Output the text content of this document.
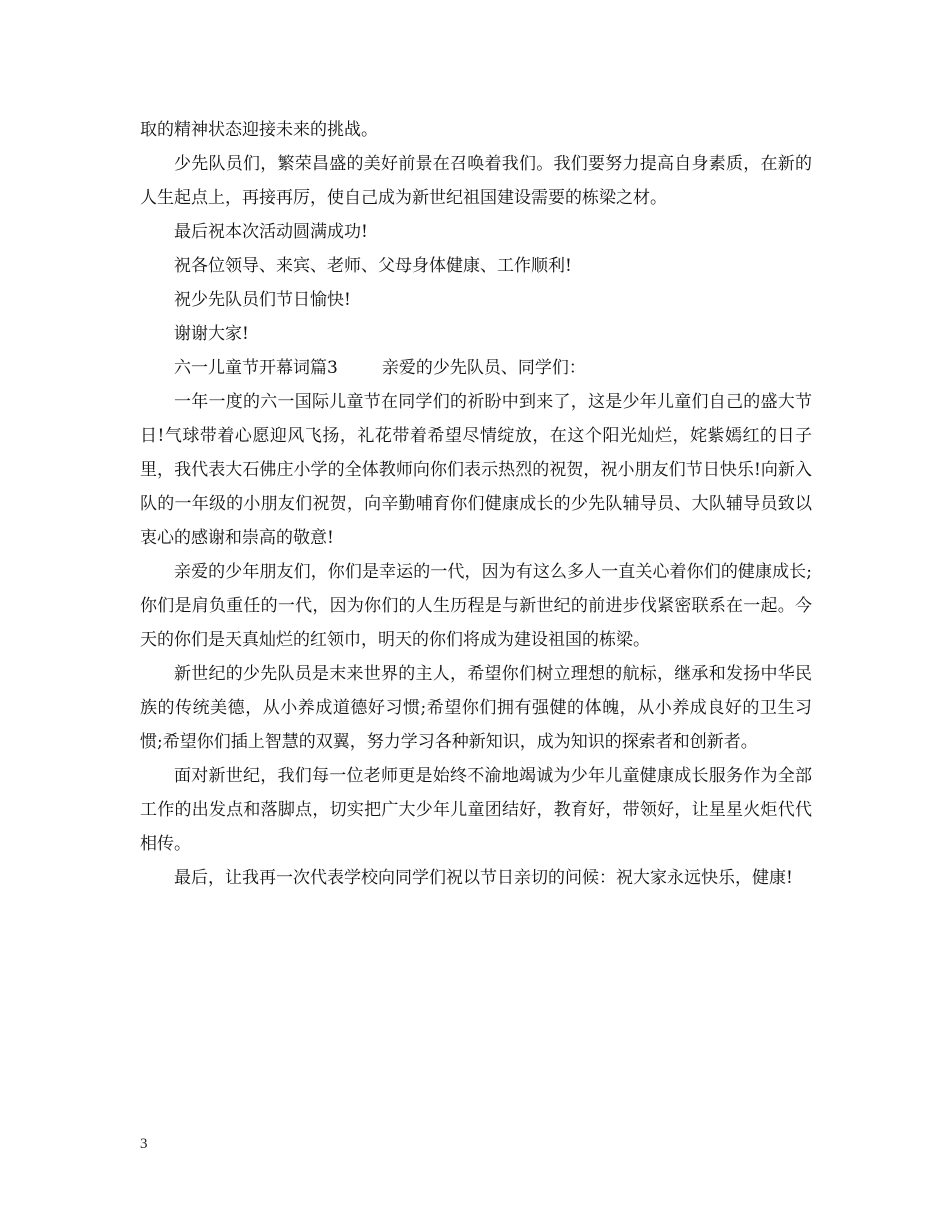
取的精神状态迎接未来的挑战。

少先队员们，繁荣昌盛的美好前景在召唤着我们。我们要努力提高自身素质，在新的人生起点上，再接再厉，使自己成为新世纪祖国建设需要的栋梁之材。

最后祝本次活动圆满成功!

祝各位领导、来宾、老师、父母身体健康、工作顺利!

祝少先队员们节日愉快!

谢谢大家!

六一儿童节开幕词篇3	亲爱的少先队员、同学们：

一年一度的六一国际儿童节在同学们的祈盼中到来了，这是少年儿童们自己的盛大节日!气球带着心愿迎风飞扬，礼花带着希望尽情绽放，在这个阳光灿烂，姹紫嫣红的日子里，我代表大石佛庄小学的全体教师向你们表示热烈的祝贺，祝小朋友们节日快乐!向新入队的一年级的小朋友们祝贺，向辛勤哺育你们健康成长的少先队辅导员、大队辅导员致以衷心的感谢和崇高的敬意!

亲爱的少年朋友们，你们是幸运的一代，因为有这么多人一直关心着你们的健康成长;你们是肩负重任的一代，因为你们的人生历程是与新世纪的前进步伐紧密联系在一起。今天的你们是天真灿烂的红领巾，明天的你们将成为建设祖国的栋梁。

新世纪的少先队员是末来世界的主人，希望你们树立理想的航标，继承和发扬中华民族的传统美德，从小养成道德好习惯;希望你们拥有强健的体魄，从小养成良好的卫生习惯;希望你们插上智慧的双翼，努力学习各种新知识，成为知识的探索者和创新者。

面对新世纪，我们每一位老师更是始终不渝地竭诚为少年儿童健康成长服务作为全部工作的出发点和落脚点，切实把广大少年儿童团结好，教育好，带领好，让星星火炬代代相传。

最后，让我再一次代表学校向同学们祝以节日亲切的问候：祝大家永远快乐，健康!

3
